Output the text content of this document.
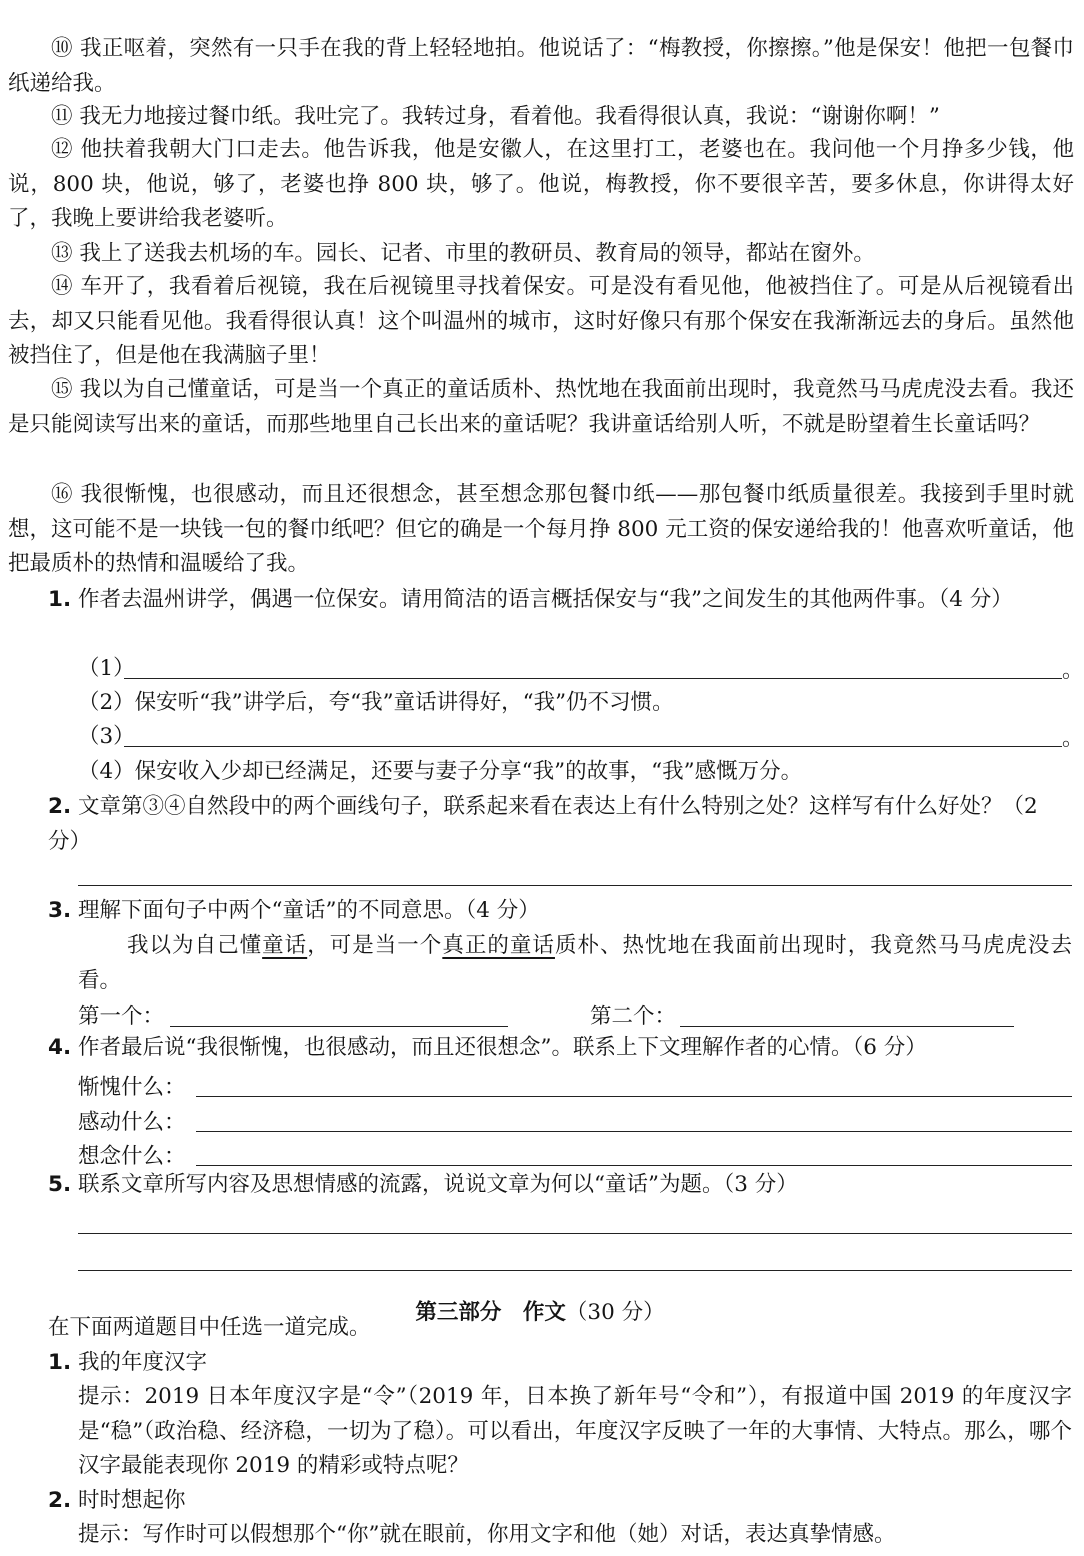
⑩ 我正呕着，突然有一只手在我的背上轻轻地拍。他说话了：“梅教授，你擦擦。”他是保安！他把一包餐巾纸递给我。

⑪ 我无力地接过餐巾纸。我吐完了。我转过身，看着他。我看得很认真，我说：“谢谢你啊！”

⑫ 他扶着我朝大门口走去。他告诉我，他是安徽人，在这里打工，老婆也在。我问他一个月挣多少钱，他说，800 块，他说，够了，老婆也挣 800 块，够了。他说，梅教授，你不要很辛苦，要多休息，你讲得太好了，我晚上要讲给我老婆听。

⑬ 我上了送我去机场的车。园长、记者、市里的教研员、教育局的领导，都站在窗外。

⑭ 车开了，我看着后视镜，我在后视镜里寻找着保安。可是没有看见他，他被挡住了。可是从后视镜看出去，却又只能看见他。我看得很认真！这个叫温州的城市，这时好像只有那个保安在我渐渐远去的身后。虽然他被挡住了，但是他在我满脑子里！

⑮ 我以为自己懂童话，可是当一个真正的童话质朴、热忱地在我面前出现时，我竟然马马虎虎没去看。我还是只能阅读写出来的童话，而那些地里自己长出来的童话呢？我讲童话给别人听，不就是盼望着生长童话吗？

⑯ 我很惭愧，也很感动，而且还很想念，甚至想念那包餐巾纸——那包餐巾纸质量很差。我接到手里时就想，这可能不是一块钱一包的餐巾纸吧？但它的确是一个每月挣 800 元工资的保安递给我的！他喜欢听童话，他把最质朴的热情和温暖给了我。

1. 作者去温州讲学，偶遇一位保安。请用简洁的语言概括保安与“我”之间发生的其他两件事。（4 分）

（1）	。

（2）保安听“我”讲学后，夸“我”童话讲得好，“我”仍不习惯。

（3）	。

（4）保安收入少却已经满足，还要与妻子分享“我”的故事，“我”感慨万分。

2. 文章第③④自然段中的两个画线句子，联系起来看在表达上有什么特别之处？这样写有什么好处？（2 分）
3. 理解下面句子中两个“童话”的不同意思。（4 分）

我以为自己懂童话，可是当一个真正的童话质朴、热忱地在我面前出现时，我竟然马马虎虎没去看。

第一个：	第二个：

4. 作者最后说“我很惭愧，也很感动，而且还很想念”。联系上下文理解作者的心情。（6 分）

惭愧什么：

感动什么：

想念什么：

5. 联系文章所写内容及思想情感的流露，说说文章为何以“童话”为题。（3 分）

第三部分　作文（30 分）

在下面两道题目中任选一道完成。

1. 我的年度汉字

提示：2019 日本年度汉字是“令”（2019 年，日本换了新年号“令和”），有报道中国 2019 的年度汉字是“稳”（政治稳、经济稳，一切为了稳）。可以看出，年度汉字反映了一年的大事情、大特点。那么，哪个汉字最能表现你 2019 的精彩或特点呢？

2. 时时想起你

提示：写作时可以假想那个“你”就在眼前，你用文字和他（她）对话，表达真挚情感。
